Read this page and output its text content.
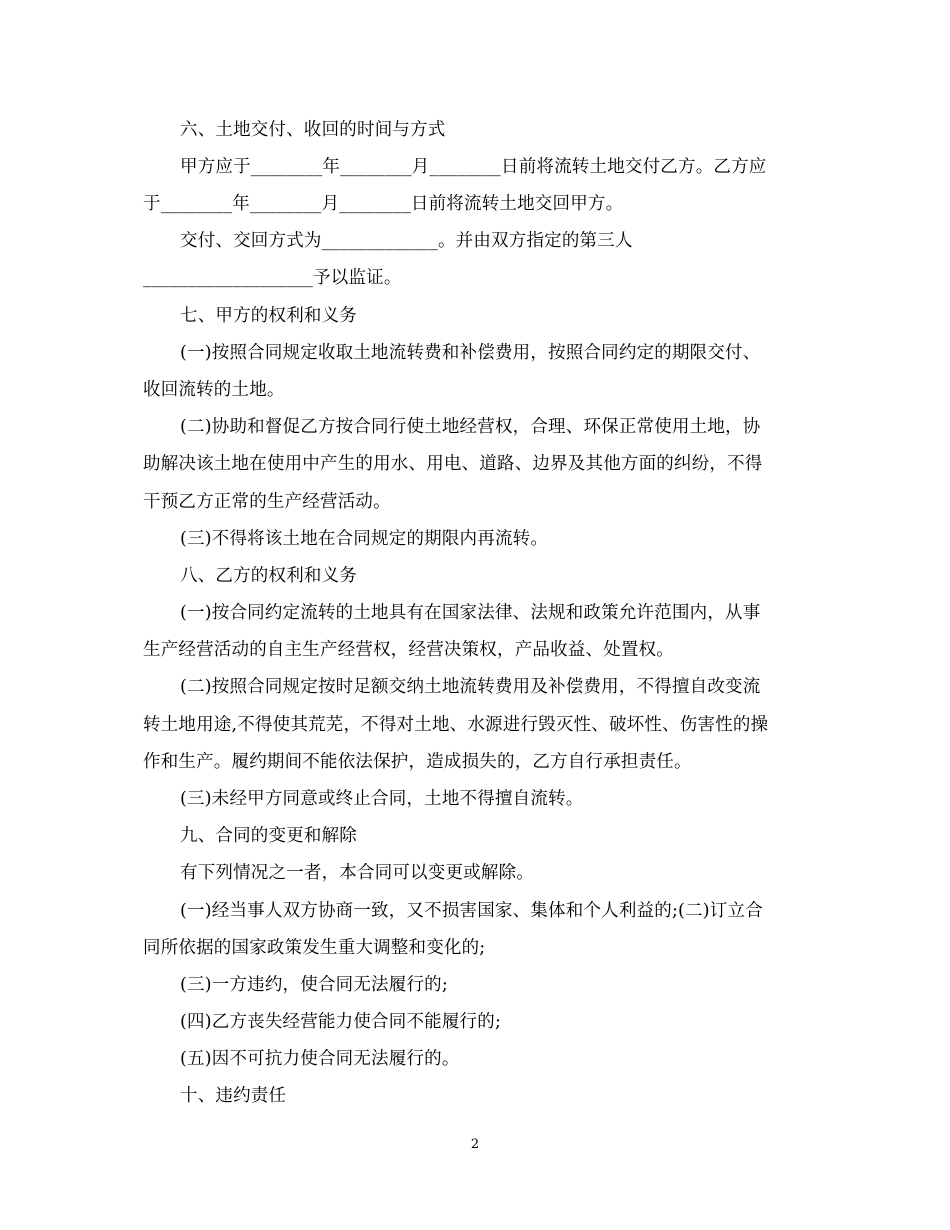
六、土地交付、收回的时间与方式
甲方应于________年________月________日前将流转土地交付乙方。乙方应
于________年________月________日前将流转土地交回甲方。
交付、交回方式为_____________。并由双方指定的第三人
___________________予以监证。
七、甲方的权利和义务
(一)按照合同规定收取土地流转费和补偿费用，按照合同约定的期限交付、
收回流转的土地。
(二)协助和督促乙方按合同行使土地经营权，合理、环保正常使用土地，协
助解决该土地在使用中产生的用水、用电、道路、边界及其他方面的纠纷，不得
干预乙方正常的生产经营活动。
(三)不得将该土地在合同规定的期限内再流转。
八、乙方的权利和义务
(一)按合同约定流转的土地具有在国家法律、法规和政策允许范围内，从事
生产经营活动的自主生产经营权，经营决策权，产品收益、处置权。
(二)按照合同规定按时足额交纳土地流转费用及补偿费用，不得擅自改变流
转土地用途,不得使其荒芜，不得对土地、水源进行毁灭性、破坏性、伤害性的操
作和生产。履约期间不能依法保护，造成损失的，乙方自行承担责任。
(三)未经甲方同意或终止合同，土地不得擅自流转。
九、合同的变更和解除
有下列情况之一者，本合同可以变更或解除。
(一)经当事人双方协商一致，又不损害国家、集体和个人利益的;(二)订立合
同所依据的国家政策发生重大调整和变化的;
(三)一方违约，使合同无法履行的;
(四)乙方丧失经营能力使合同不能履行的;
(五)因不可抗力使合同无法履行的。
十、违约责任
2
